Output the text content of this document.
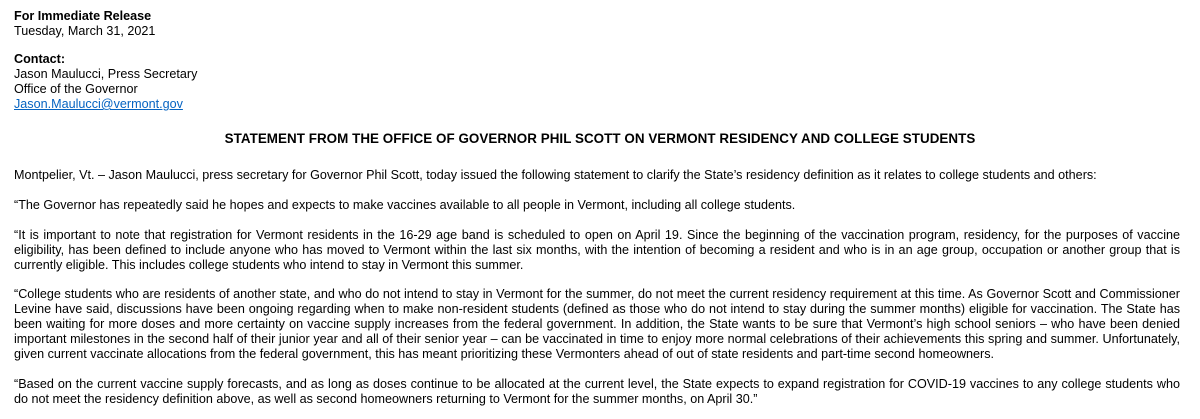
For Immediate Release
Tuesday, March 31, 2021
Contact:
Jason Maulucci, Press Secretary
Office of the Governor
Jason.Maulucci@vermont.gov
STATEMENT FROM THE OFFICE OF GOVERNOR PHIL SCOTT ON VERMONT RESIDENCY AND COLLEGE STUDENTS
Montpelier, Vt. – Jason Maulucci, press secretary for Governor Phil Scott, today issued the following statement to clarify the State’s residency definition as it relates to college students and others:
“The Governor has repeatedly said he hopes and expects to make vaccines available to all people in Vermont, including all college students.
“It is important to note that registration for Vermont residents in the 16-29 age band is scheduled to open on April 19. Since the beginning of the vaccination program, residency, for the purposes of vaccine eligibility, has been defined to include anyone who has moved to Vermont within the last six months, with the intention of becoming a resident and who is in an age group, occupation or another group that is currently eligible. This includes college students who intend to stay in Vermont this summer.
“College students who are residents of another state, and who do not intend to stay in Vermont for the summer, do not meet the current residency requirement at this time. As Governor Scott and Commissioner Levine have said, discussions have been ongoing regarding when to make non-resident students (defined as those who do not intend to stay during the summer months) eligible for vaccination. The State has been waiting for more doses and more certainty on vaccine supply increases from the federal government. In addition, the State wants to be sure that Vermont’s high school seniors – who have been denied important milestones in the second half of their junior year and all of their senior year – can be vaccinated in time to enjoy more normal celebrations of their achievements this spring and summer. Unfortunately, given current vaccinate allocations from the federal government, this has meant prioritizing these Vermonters ahead of out of state residents and part-time second homeowners.
“Based on the current vaccine supply forecasts, and as long as doses continue to be allocated at the current level, the State expects to expand registration for COVID-19 vaccines to any college students who do not meet the residency definition above, as well as second homeowners returning to Vermont for the summer months, on April 30.”
